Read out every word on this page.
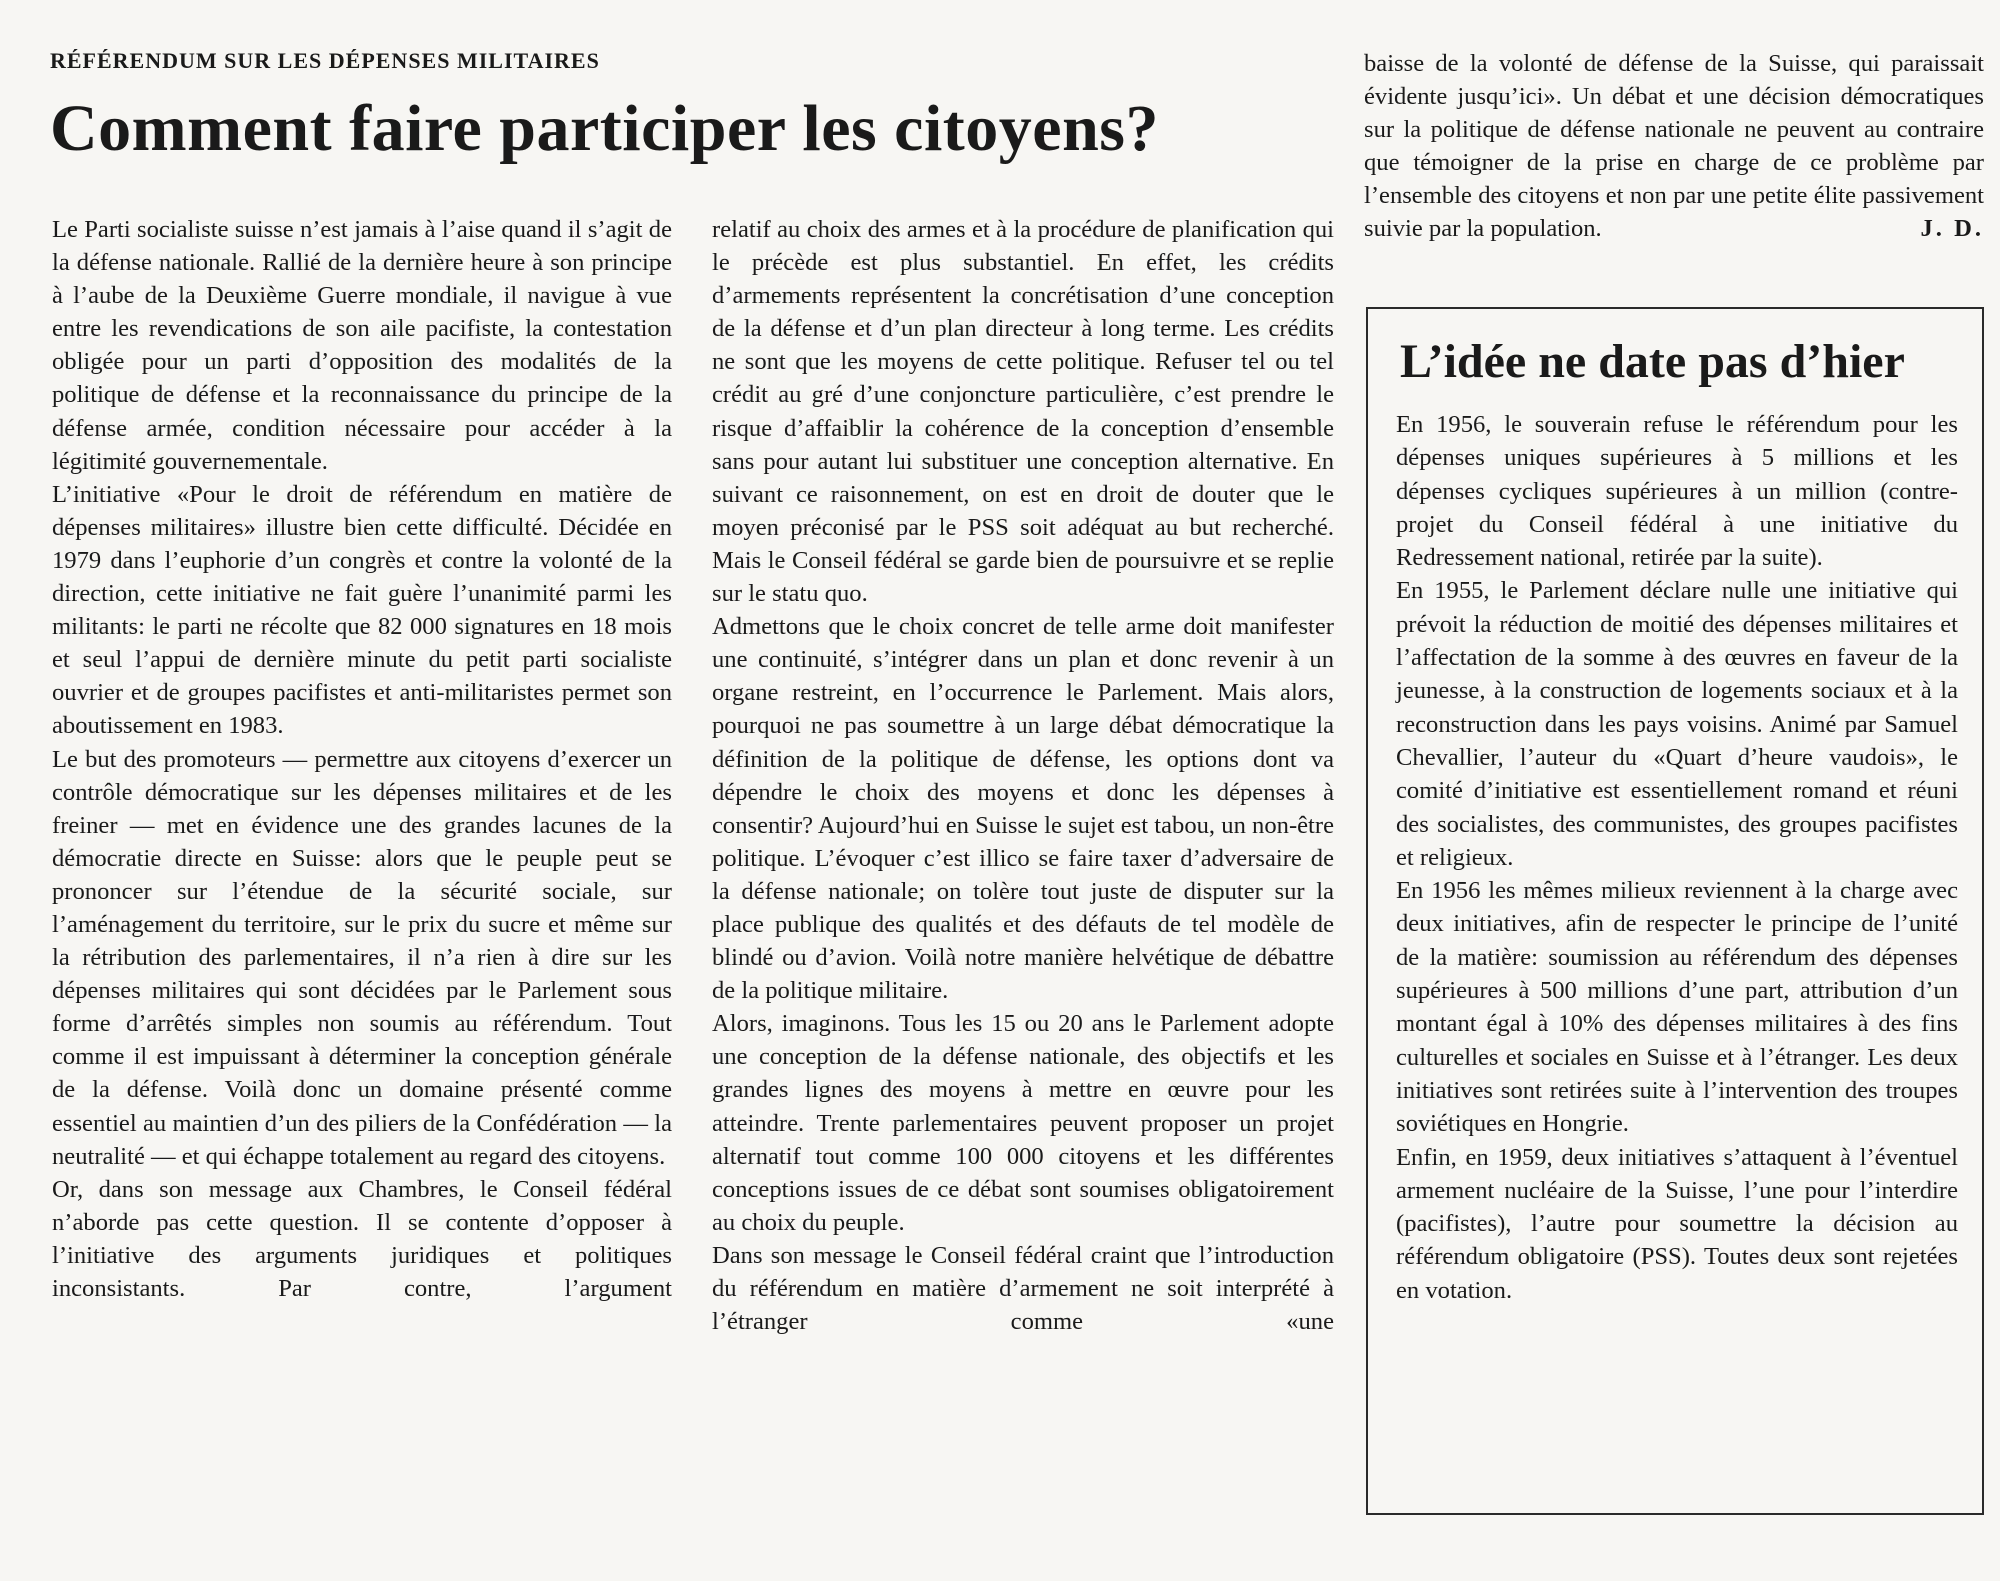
RÉFÉRENDUM SUR LES DÉPENSES MILITAIRES
Comment faire participer les citoyens?

Le Parti socialiste suisse n’est jamais à l’aise quand il s’agit de la défense nationale. Rallié de la dernière heure à son principe à l’aube de la Deuxième Guerre mondiale, il navigue à vue entre les revendications de son aile pacifiste, la contestation obligée pour un parti d’opposition des modalités de la politique de défense et la reconnaissance du principe de la défense armée, condition nécessaire pour accéder à la légitimité gouvernementale.

L’initiative «Pour le droit de référendum en matière de dépenses militaires» illustre bien cette difficulté. Décidée en 1979 dans l’euphorie d’un congrès et contre la volonté de la direction, cette initiative ne fait guère l’unanimité parmi les militants: le parti ne récolte que 82 000 signatures en 18 mois et seul l’appui de dernière minute du petit parti socialiste ouvrier et de groupes pacifistes et anti-militaristes permet son aboutissement en 1983.

Le but des promoteurs — permettre aux citoyens d’exercer un contrôle démocratique sur les dépenses militaires et de les freiner — met en évidence une des grandes lacunes de la démocratie directe en Suisse: alors que le peuple peut se prononcer sur l’étendue de la sécurité sociale, sur l’aménagement du territoire, sur le prix du sucre et même sur la rétribution des parlementaires, il n’a rien à dire sur les dépenses militaires qui sont décidées par le Parlement sous forme d’arrêtés simples non soumis au référendum. Tout comme il est impuissant à déterminer la conception générale de la défense. Voilà donc un domaine présenté comme essentiel au maintien d’un des piliers de la Confédération — la neutralité — et qui échappe totalement au regard des citoyens.

Or, dans son message aux Chambres, le Conseil fédéral n’aborde pas cette question. Il se contente d’opposer à l’initiative des arguments juridiques et politiques inconsistants. Par contre, l’argument

relatif au choix des armes et à la procédure de planification qui le précède est plus substantiel. En effet, les crédits d’armements représentent la concrétisation d’une conception de la défense et d’un plan directeur à long terme. Les crédits ne sont que les moyens de cette politique. Refuser tel ou tel crédit au gré d’une conjoncture particulière, c’est prendre le risque d’affaiblir la cohérence de la conception d’ensemble sans pour autant lui substituer une conception alternative. En suivant ce raisonnement, on est en droit de douter que le moyen préconisé par le PSS soit adéquat au but recherché. Mais le Conseil fédéral se garde bien de poursuivre et se replie sur le statu quo.

Admettons que le choix concret de telle arme doit manifester une continuité, s’intégrer dans un plan et donc revenir à un organe restreint, en l’occurrence le Parlement. Mais alors, pourquoi ne pas soumettre à un large débat démocratique la définition de la politique de défense, les options dont va dépendre le choix des moyens et donc les dépenses à consentir? Aujourd’hui en Suisse le sujet est tabou, un non-être politique. L’évoquer c’est illico se faire taxer d’adversaire de la défense nationale; on tolère tout juste de disputer sur la place publique des qualités et des défauts de tel modèle de blindé ou d’avion. Voilà notre manière helvétique de débattre de la politique militaire.

Alors, imaginons. Tous les 15 ou 20 ans le Parlement adopte une conception de la défense nationale, des objectifs et les grandes lignes des moyens à mettre en œuvre pour les atteindre. Trente parlementaires peuvent proposer un projet alternatif tout comme 100 000 citoyens et les différentes conceptions issues de ce débat sont soumises obligatoirement au choix du peuple.

Dans son message le Conseil fédéral craint que l’introduction du référendum en matière d’armement ne soit interprété à l’étranger comme «une

baisse de la volonté de défense de la Suisse, qui paraissait évidente jusqu’ici». Un débat et une décision démocratiques sur la politique de défense nationale ne peuvent au contraire que témoigner de la prise en charge de ce problème par l’ensemble des citoyens et non par une petite élite passivement suivie par la population.	J. D.
L’idée ne date pas d’hier

En 1956, le souverain refuse le référendum pour les dépenses uniques supérieures à 5 millions et les dépenses cycliques supérieures à un million (contre-projet du Conseil fédéral à une initiative du Redressement national, retirée par la suite).

En 1955, le Parlement déclare nulle une initiative qui prévoit la réduction de moitié des dépenses militaires et l’affectation de la somme à des œuvres en faveur de la jeunesse, à la construction de logements sociaux et à la reconstruction dans les pays voisins. Animé par Samuel Chevallier, l’auteur du «Quart d’heure vaudois», le comité d’initiative est essentiellement romand et réuni des socialistes, des communistes, des groupes pacifistes et religieux.

En 1956 les mêmes milieux reviennent à la charge avec deux initiatives, afin de respecter le principe de l’unité de la matière: soumission au référendum des dépenses supérieures à 500 millions d’une part, attribution d’un montant égal à 10% des dépenses militaires à des fins culturelles et sociales en Suisse et à l’étranger. Les deux initiatives sont retirées suite à l’intervention des troupes soviétiques en Hongrie.

Enfin, en 1959, deux initiatives s’attaquent à l’éventuel armement nucléaire de la Suisse, l’une pour l’interdire (pacifistes), l’autre pour soumettre la décision au référendum obligatoire (PSS). Toutes deux sont rejetées en votation.
